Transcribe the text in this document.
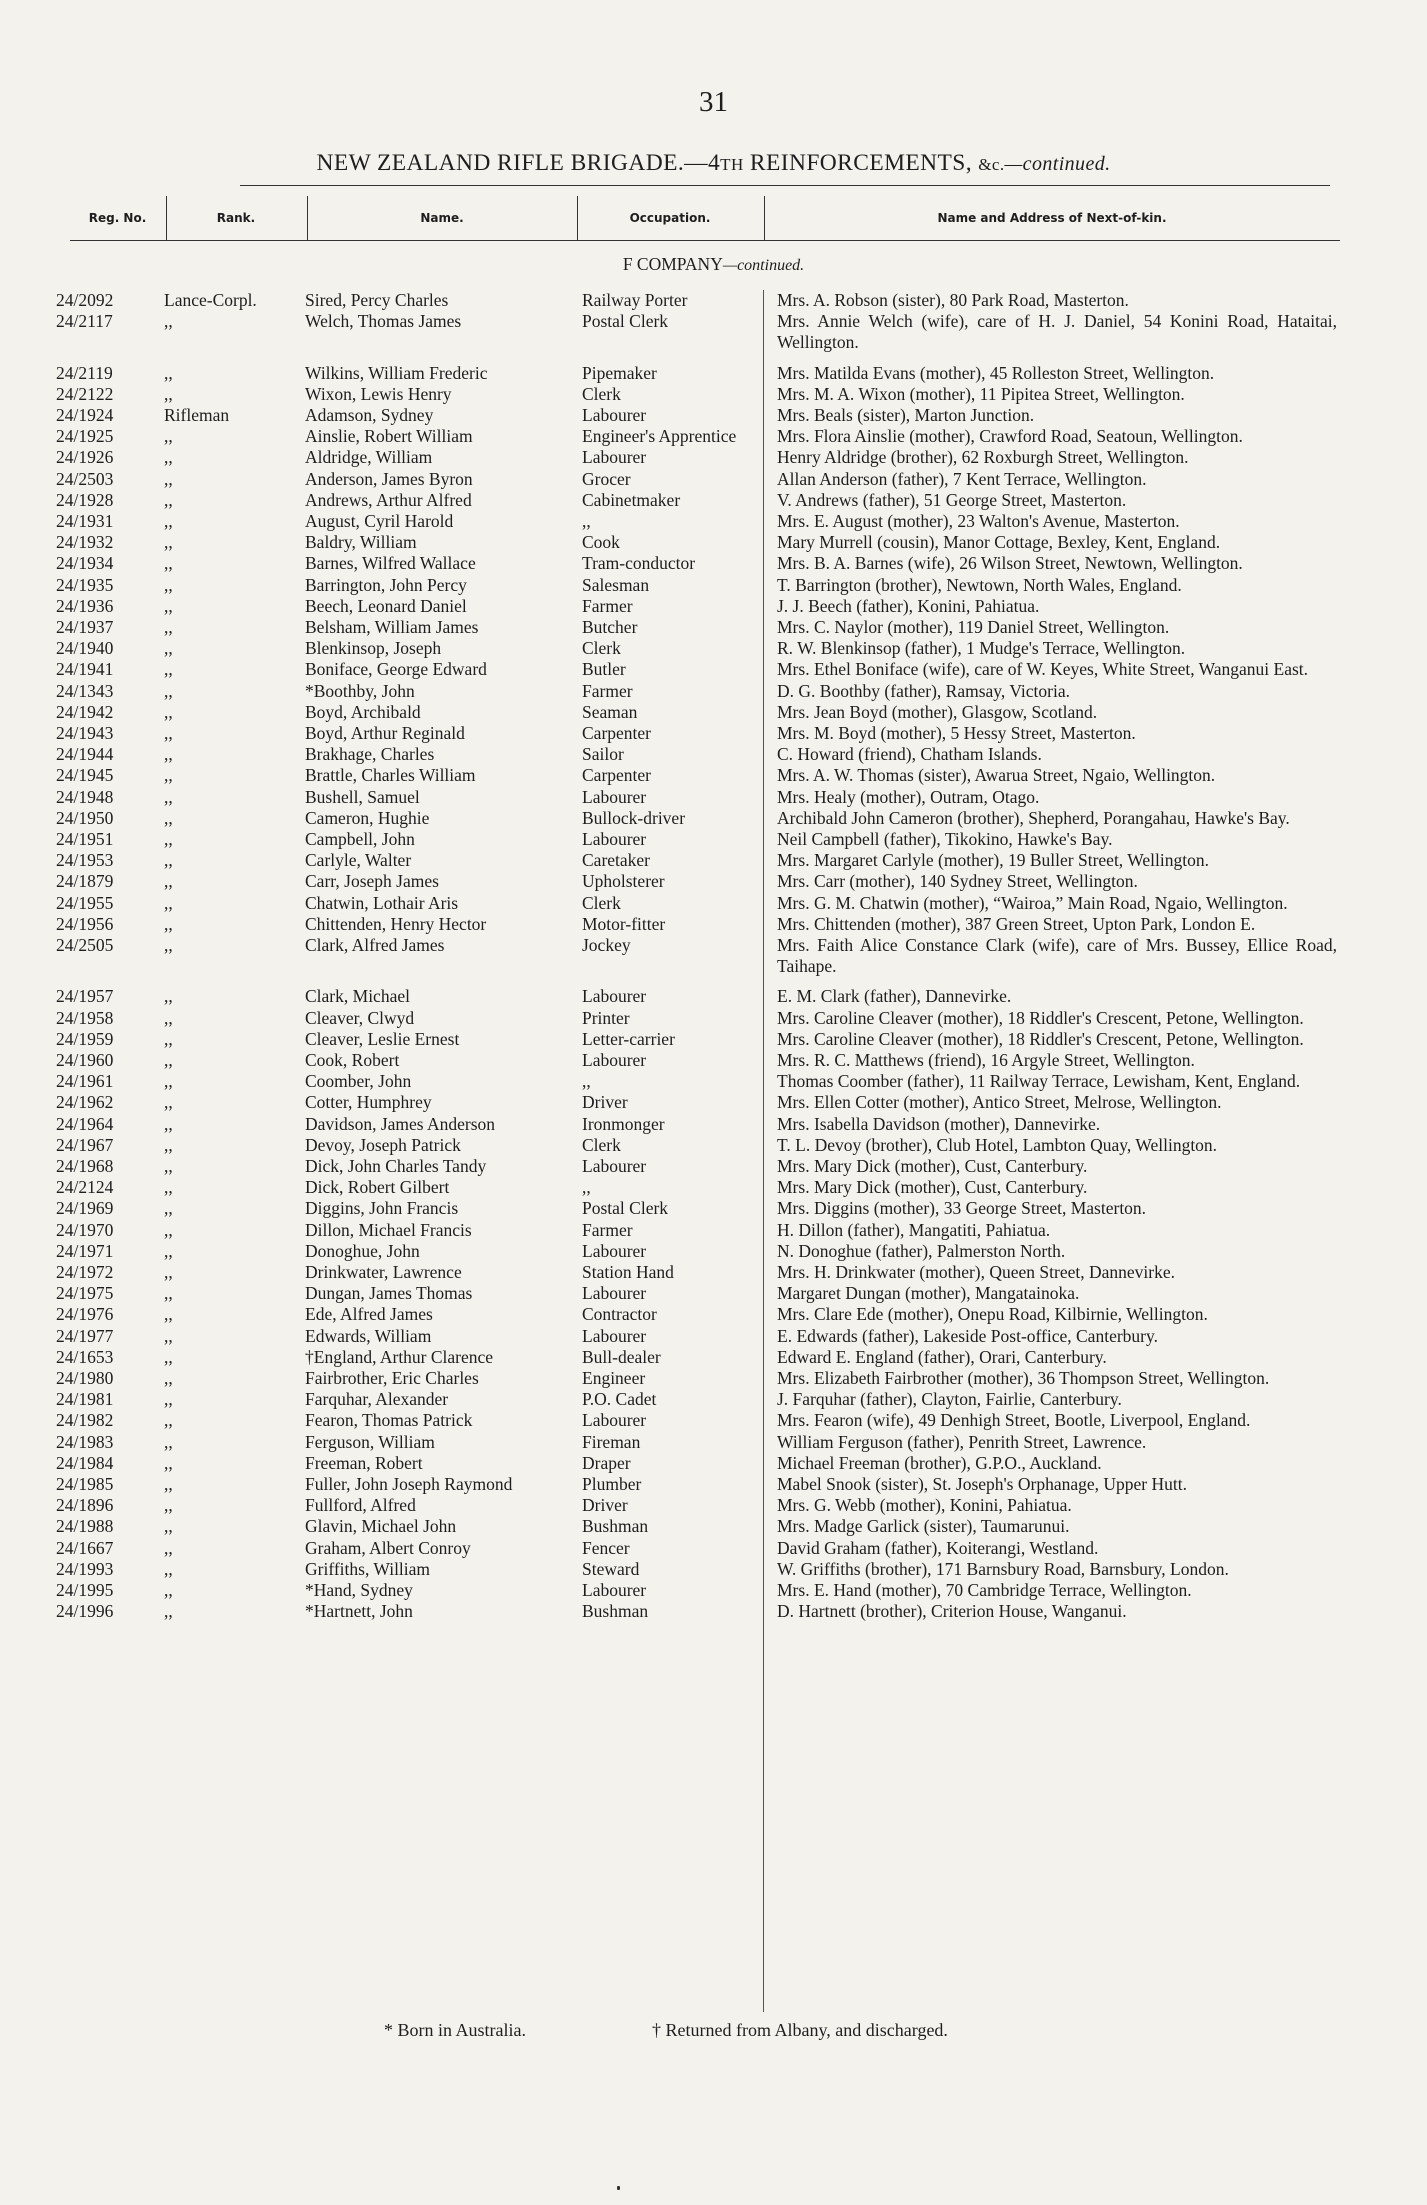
31
NEW ZEALAND RIFLE BRIGADE.—4TH REINFORCEMENTS, &c.—continued.
Reg. No.	Rank.	Name.	Occupation.	Name and Address of Next-of-kin.
F COMPANY—continued.
24/2092	Lance-Corpl.	Sired, Percy Charles	Railway Porter	Mrs. A. Robson (sister), 80 Park Road, Masterton.
24/2117	,,	Welch, Thomas James	Postal Clerk	Mrs. Annie Welch (wife), care of H. J. Daniel, 54 Konini Road, Hataitai, Wellington.
24/2119	,,	Wilkins, William Frederic	Pipemaker	Mrs. Matilda Evans (mother), 45 Rolleston Street, Wellington.
24/2122	,,	Wixon, Lewis Henry	Clerk	Mrs. M. A. Wixon (mother), 11 Pipitea Street, Wellington.
24/1924	Rifleman	Adamson, Sydney	Labourer	Mrs. Beals (sister), Marton Junction.
24/1925	,,	Ainslie, Robert William	Engineer's Apprentice	Mrs. Flora Ainslie (mother), Crawford Road, Seatoun, Wellington.
24/1926	,,	Aldridge, William	Labourer	Henry Aldridge (brother), 62 Roxburgh Street, Wellington.
24/2503	,,	Anderson, James Byron	Grocer	Allan Anderson (father), 7 Kent Terrace, Wellington.
24/1928	,,	Andrews, Arthur Alfred	Cabinetmaker	V. Andrews (father), 51 George Street, Masterton.
24/1931	,,	August, Cyril Harold	,,	Mrs. E. August (mother), 23 Walton's Avenue, Masterton.
24/1932	,,	Baldry, William	Cook	Mary Murrell (cousin), Manor Cottage, Bexley, Kent, England.
24/1934	,,	Barnes, Wilfred Wallace	Tram-conductor	Mrs. B. A. Barnes (wife), 26 Wilson Street, Newtown, Wellington.
24/1935	,,	Barrington, John Percy	Salesman	T. Barrington (brother), Newtown, North Wales, England.
24/1936	,,	Beech, Leonard Daniel	Farmer	J. J. Beech (father), Konini, Pahiatua.
24/1937	,,	Belsham, William James	Butcher	Mrs. C. Naylor (mother), 119 Daniel Street, Wellington.
24/1940	,,	Blenkinsop, Joseph	Clerk	R. W. Blenkinsop (father), 1 Mudge's Terrace, Wellington.
24/1941	,,	Boniface, George Edward	Butler	Mrs. Ethel Boniface (wife), care of W. Keyes, White Street, Wanganui East.
24/1343	,,	*Boothby, John	Farmer	D. G. Boothby (father), Ramsay, Victoria.
24/1942	,,	Boyd, Archibald	Seaman	Mrs. Jean Boyd (mother), Glasgow, Scotland.
24/1943	,,	Boyd, Arthur Reginald	Carpenter	Mrs. M. Boyd (mother), 5 Hessy Street, Masterton.
24/1944	,,	Brakhage, Charles	Sailor	C. Howard (friend), Chatham Islands.
24/1945	,,	Brattle, Charles William	Carpenter	Mrs. A. W. Thomas (sister), Awarua Street, Ngaio, Wellington.
24/1948	,,	Bushell, Samuel	Labourer	Mrs. Healy (mother), Outram, Otago.
24/1950	,,	Cameron, Hughie	Bullock-driver	Archibald John Cameron (brother), Shepherd, Porangahau, Hawke's Bay.
24/1951	,,	Campbell, John	Labourer	Neil Campbell (father), Tikokino, Hawke's Bay.
24/1953	,,	Carlyle, Walter	Caretaker	Mrs. Margaret Carlyle (mother), 19 Buller Street, Wellington.
24/1879	,,	Carr, Joseph James	Upholsterer	Mrs. Carr (mother), 140 Sydney Street, Wellington.
24/1955	,,	Chatwin, Lothair Aris	Clerk	Mrs. G. M. Chatwin (mother), “Wairoa,” Main Road, Ngaio, Wellington.
24/1956	,,	Chittenden, Henry Hector	Motor-fitter	Mrs. Chittenden (mother), 387 Green Street, Upton Park, London E.
24/2505	,,	Clark, Alfred James	Jockey	Mrs. Faith Alice Constance Clark (wife), care of Mrs. Bussey, Ellice Road, Taihape.
24/1957	,,	Clark, Michael	Labourer	E. M. Clark (father), Dannevirke.
24/1958	,,	Cleaver, Clwyd	Printer	Mrs. Caroline Cleaver (mother), 18 Riddler's Crescent, Petone, Wellington.
24/1959	,,	Cleaver, Leslie Ernest	Letter-carrier	Mrs. Caroline Cleaver (mother), 18 Riddler's Crescent, Petone, Wellington.
24/1960	,,	Cook, Robert	Labourer	Mrs. R. C. Matthews (friend), 16 Argyle Street, Wellington.
24/1961	,,	Coomber, John	,,	Thomas Coomber (father), 11 Railway Terrace, Lewisham, Kent, England.
24/1962	,,	Cotter, Humphrey	Driver	Mrs. Ellen Cotter (mother), Antico Street, Melrose, Wellington.
24/1964	,,	Davidson, James Anderson	Ironmonger	Mrs. Isabella Davidson (mother), Dannevirke.
24/1967	,,	Devoy, Joseph Patrick	Clerk	T. L. Devoy (brother), Club Hotel, Lambton Quay, Wellington.
24/1968	,,	Dick, John Charles Tandy	Labourer	Mrs. Mary Dick (mother), Cust, Canterbury.
24/2124	,,	Dick, Robert Gilbert	,,	Mrs. Mary Dick (mother), Cust, Canterbury.
24/1969	,,	Diggins, John Francis	Postal Clerk	Mrs. Diggins (mother), 33 George Street, Masterton.
24/1970	,,	Dillon, Michael Francis	Farmer	H. Dillon (father), Mangatiti, Pahiatua.
24/1971	,,	Donoghue, John	Labourer	N. Donoghue (father), Palmerston North.
24/1972	,,	Drinkwater, Lawrence	Station Hand	Mrs. H. Drinkwater (mother), Queen Street, Dannevirke.
24/1975	,,	Dungan, James Thomas	Labourer	Margaret Dungan (mother), Mangatainoka.
24/1976	,,	Ede, Alfred James	Contractor	Mrs. Clare Ede (mother), Onepu Road, Kilbirnie, Wellington.
24/1977	,,	Edwards, William	Labourer	E. Edwards (father), Lakeside Post-office, Canterbury.
24/1653	,,	†England, Arthur Clarence	Bull-dealer	Edward E. England (father), Orari, Canterbury.
24/1980	,,	Fairbrother, Eric Charles	Engineer	Mrs. Elizabeth Fairbrother (mother), 36 Thompson Street, Wellington.
24/1981	,,	Farquhar, Alexander	P.O. Cadet	J. Farquhar (father), Clayton, Fairlie, Canterbury.
24/1982	,,	Fearon, Thomas Patrick	Labourer	Mrs. Fearon (wife), 49 Denhigh Street, Bootle, Liverpool, England.
24/1983	,,	Ferguson, William	Fireman	William Ferguson (father), Penrith Street, Lawrence.
24/1984	,,	Freeman, Robert	Draper	Michael Freeman (brother), G.P.O., Auckland.
24/1985	,,	Fuller, John Joseph Raymond	Plumber	Mabel Snook (sister), St. Joseph's Orphanage, Upper Hutt.
24/1896	,,	Fullford, Alfred	Driver	Mrs. G. Webb (mother), Konini, Pahiatua.
24/1988	,,	Glavin, Michael John	Bushman	Mrs. Madge Garlick (sister), Taumarunui.
24/1667	,,	Graham, Albert Conroy	Fencer	David Graham (father), Koiterangi, Westland.
24/1993	,,	Griffiths, William	Steward	W. Griffiths (brother), 171 Barnsbury Road, Barnsbury, London.
24/1995	,,	*Hand, Sydney	Labourer	Mrs. E. Hand (mother), 70 Cambridge Terrace, Wellington.
24/1996	,,	*Hartnett, John	Bushman	D. Hartnett (brother), Criterion House, Wanganui.
* Born in Australia.	† Returned from Albany, and discharged.
